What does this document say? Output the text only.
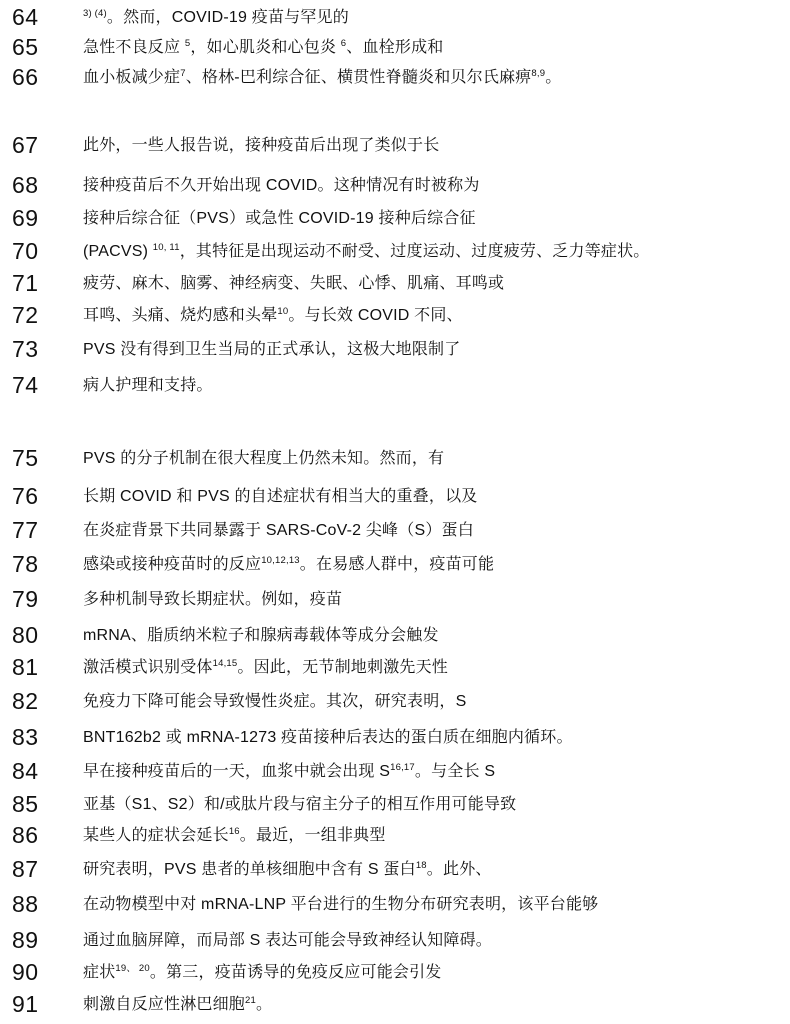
64	$^{3) (4)}$。然而，COVID-19 疫苗与罕见的
65	急性不良反应 $^5$，如心肌炎和心包炎 $^6$、血栓形成和
66	血小板减少症$^7$、格林-巴利综合征、横贯性脊髓炎和贝尔氏麻痹$^{8,9}$。
67	此外，一些人报告说，接种疫苗后出现了类似于长
68	接种疫苗后不久开始出现 COVID。这种情况有时被称为
69	接种后综合征（PVS）或急性 COVID-19 接种后综合征
70	(PACVS) $^{10, 11}$，其特征是出现运动不耐受、过度运动、过度疲劳、乏力等症状。
71	疲劳、麻木、脑雾、神经病变、失眠、心悸、肌痛、耳鸣或
72	耳鸣、头痛、烧灼感和头晕$^{10}$。与长效 COVID 不同、
73	PVS 没有得到卫生当局的正式承认，这极大地限制了
74	病人护理和支持。
75	PVS 的分子机制在很大程度上仍然未知。然而，有
76	长期 COVID 和 PVS 的自述症状有相当大的重叠，以及
77	在炎症背景下共同暴露于 SARS-CoV-2 尖峰（S）蛋白
78	感染或接种疫苗时的反应$^{10,12,13}$。在易感人群中，疫苗可能
79	多种机制导致长期症状。例如，疫苗
80	mRNA、脂质纳米粒子和腺病毒载体等成分会触发
81	激活模式识别受体$^{14,15}$。因此，无节制地刺激先天性
82	免疫力下降可能会导致慢性炎症。其次，研究表明，S
83	BNT162b2 或 mRNA-1273 疫苗接种后表达的蛋白质在细胞内循环。
84	早在接种疫苗后的一天，血浆中就会出现 S$^{16,17}$。与全长 S
85	亚基（S1、S2）和/或肽片段与宿主分子的相互作用可能导致
86	某些人的症状会延长$^{16}$。最近，一组非典型
87	研究表明，PVS 患者的单核细胞中含有 S 蛋白$^{18}$。此外、
88	在动物模型中对 mRNA-LNP 平台进行的生物分布研究表明，该平台能够
89	通过血脑屏障，而局部 S 表达可能会导致神经认知障碍。
90	症状$^{19、 20}$。第三，疫苗诱导的免疫反应可能会引发
91	刺激自反应性淋巴细胞$^{21}$。
